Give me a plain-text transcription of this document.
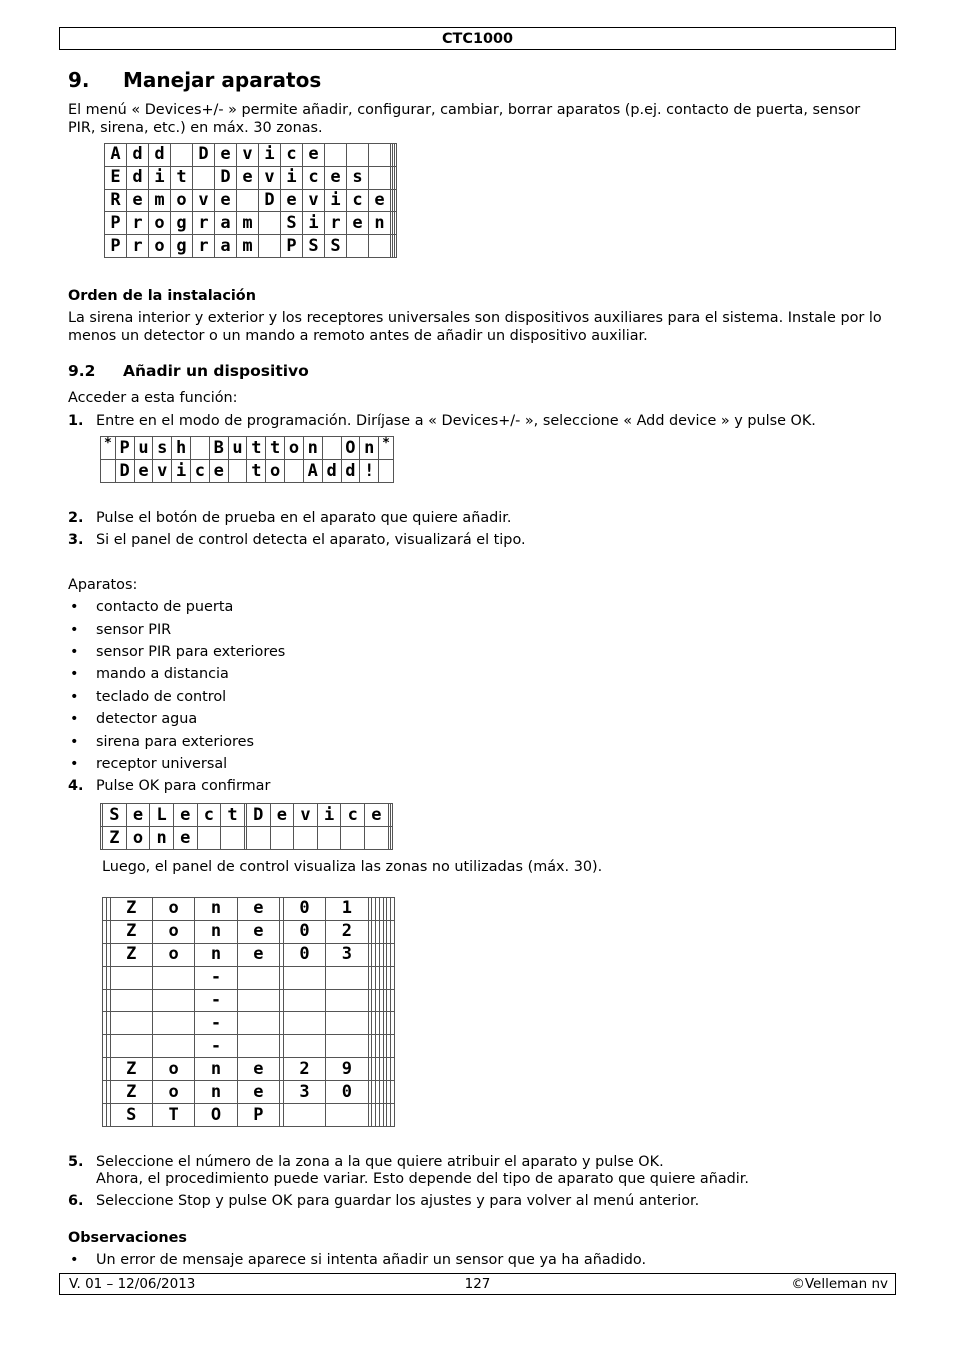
CTC1000
9. Manejar aparatos
El menú « Devices+/- » permite añadir, configurar, cambiar, borrar aparatos (p.ej. contacto de puerta, sensor PIR, sirena, etc.) en máx. 30 zonas.
A	d	d		D	e	v	i	c	e						
E	d	i	t		D	e	v	i	c	e	s				
R	e	m	o	v	e		D	e	v	i	c	e			
P	r	o	g	r	a	m		S	i	r	e	n			
P	r	o	g	r	a	m		P	S	S					
Orden de la instalación
La sirena interior y exterior y los receptores universales son dispositivos auxiliares para el sistema. Instale por lo menos un detector o un mando a remoto antes de añadir un dispositivo auxiliar.
9.2 Añadir un dispositivo
Acceder a esta función:
1. Entre en el modo de programación. Diríjase a « Devices+/- », seleccione « Add device » y pulse OK.
*	P	u	s	h		B	u	t	t	o	n		O	n	*
	D	e	v	i	c	e		t	o		A	d	d	!	
2. Pulse el botón de prueba en el aparato que quiere añadir.
3. Si el panel de control detecta el aparato, visualizará el tipo.
Aparatos:
• contacto de puerta
• sensor PIR
• sensor PIR para exteriores
• mando a distancia
• teclado de control
• detector agua
• sirena para exteriores
• receptor universal
4. Pulse OK para confirmar
	S	e	L	e	c	t		D	e	v	i	c	e		
	Z	o	n	e											
Luego, el panel de control visualiza las zonas no utilizadas (máx. 30).
		Z	o	n	e		0	1							
		Z	o	n	e		0	2							
		Z	o	n	e		0	3							
				-											
				-											
				-											
				-											
		Z	o	n	e		2	9							
		Z	o	n	e		3	0							
		S	T	O	P										
5. Seleccione el número de la zona a la que quiere atribuir el aparato y pulse OK.
Ahora, el procedimiento puede variar. Esto depende del tipo de aparato que quiere añadir.
6. Seleccione Stop y pulse OK para guardar los ajustes y para volver al menú anterior.
Observaciones
• Un error de mensaje aparece si intenta añadir un sensor que ya ha añadido.
V. 01 – 12/06/2013	127	©Velleman nv
